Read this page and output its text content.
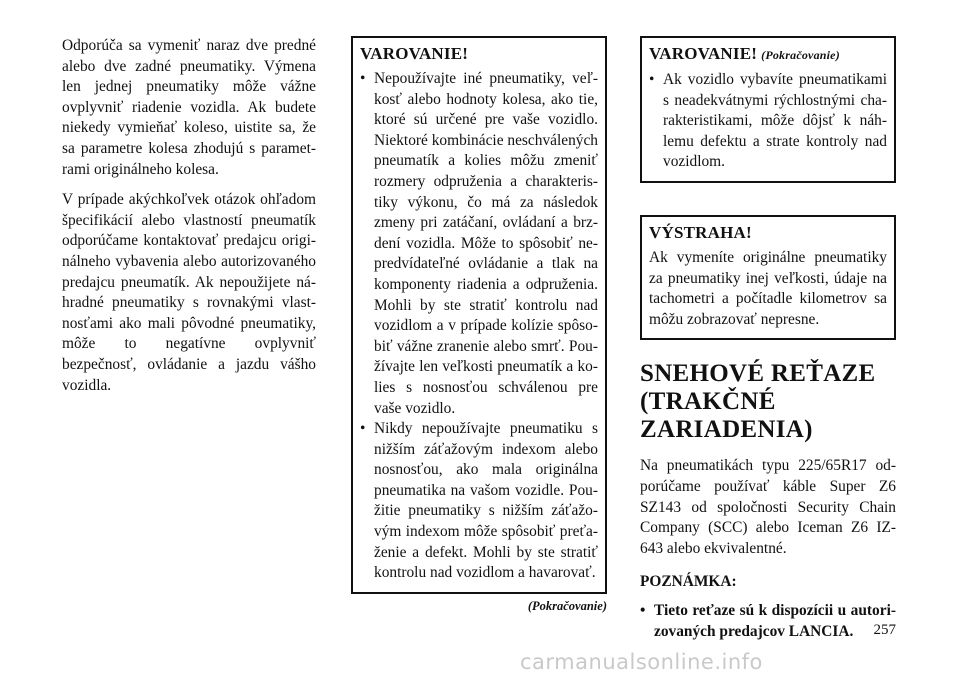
Odporúča sa vymeniť naraz dve predné alebo dve zadné pneumatiky. Výmena len jednej pneumatiky môže vážne ovplyvniť riadenie vozidla. Ak budete niekedy vymieňať koleso, uistite sa, že sa parametre kolesa zhodujú s parametrami originálneho kolesa.

V prípade akýchkoľvek otázok ohľadom špecifikácií alebo vlastností pneumatík odporúčame kontaktovať predajcu originálneho vybavenia alebo autorizovaného predajcu pneumatík. Ak nepoužijete náhradné pneumatiky s rovnakými vlastnosťami ako mali pôvodné pneumatiky, môže to negatívne ovplyvniť bezpečnosť, ovládanie a jazdu vášho vozidla.

VAROVANIE!
• Nepoužívajte iné pneumatiky, veľkosť alebo hodnoty kolesa, ako tie, ktoré sú určené pre vaše vozidlo. Niektoré kombinácie neschválených pneumatík a kolies môžu zmeniť rozmery odpruženia a charakteristiky výkonu, čo má za následok zmeny pri zatáčaní, ovládaní a brzdení vozidla. Môže to spôsobiť nepredvídateľné ovládanie a tlak na komponenty riadenia a odpruženia. Mohli by ste stratiť kontrolu nad vozidlom a v prípade kolízie spôsobiť vážne zranenie alebo smrť. Používajte len veľkosti pneumatík a kolies s nosnosťou schválenou pre vaše vozidlo.
• Nikdy nepoužívajte pneumatiku s nižším záťažovým indexom alebo nosnosťou, ako mala originálna pneumatika na vašom vozidle. Použitie pneumatiky s nižším záťažovým indexom môže spôsobiť preťaženie a defekt. Mohli by ste stratiť kontrolu nad vozidlom a havarovať.
(Pokračovanie)
VAROVANIE! (Pokračovanie)
• Ak vozidlo vybavíte pneumatikami s neadekvátnymi rýchlostnými charakteristikami, môže dôjsť k náhlemu defektu a strate kontroly nad vozidlom.
VÝSTRAHA!

Ak vymeníte originálne pneumatiky za pneumatiky inej veľkosti, údaje na tachometri a počítadle kilometrov sa môžu zobrazovať nepresne.

SNEHOVÉ REŤAZE
(TRAKČNÉ
ZARIADENIA)

Na pneumatikách typu 225/65R17 odporúčame používať káble Super Z6 SZ143 od spoločnosti Security Chain Company (SCC) alebo Iceman Z6 IZ-643 alebo ekvivalentné.

POZNÁMKA:
• Tieto reťaze sú k dispozícii u autorizovaných predajcov LANCIA.	257
carmanualsonline.info
